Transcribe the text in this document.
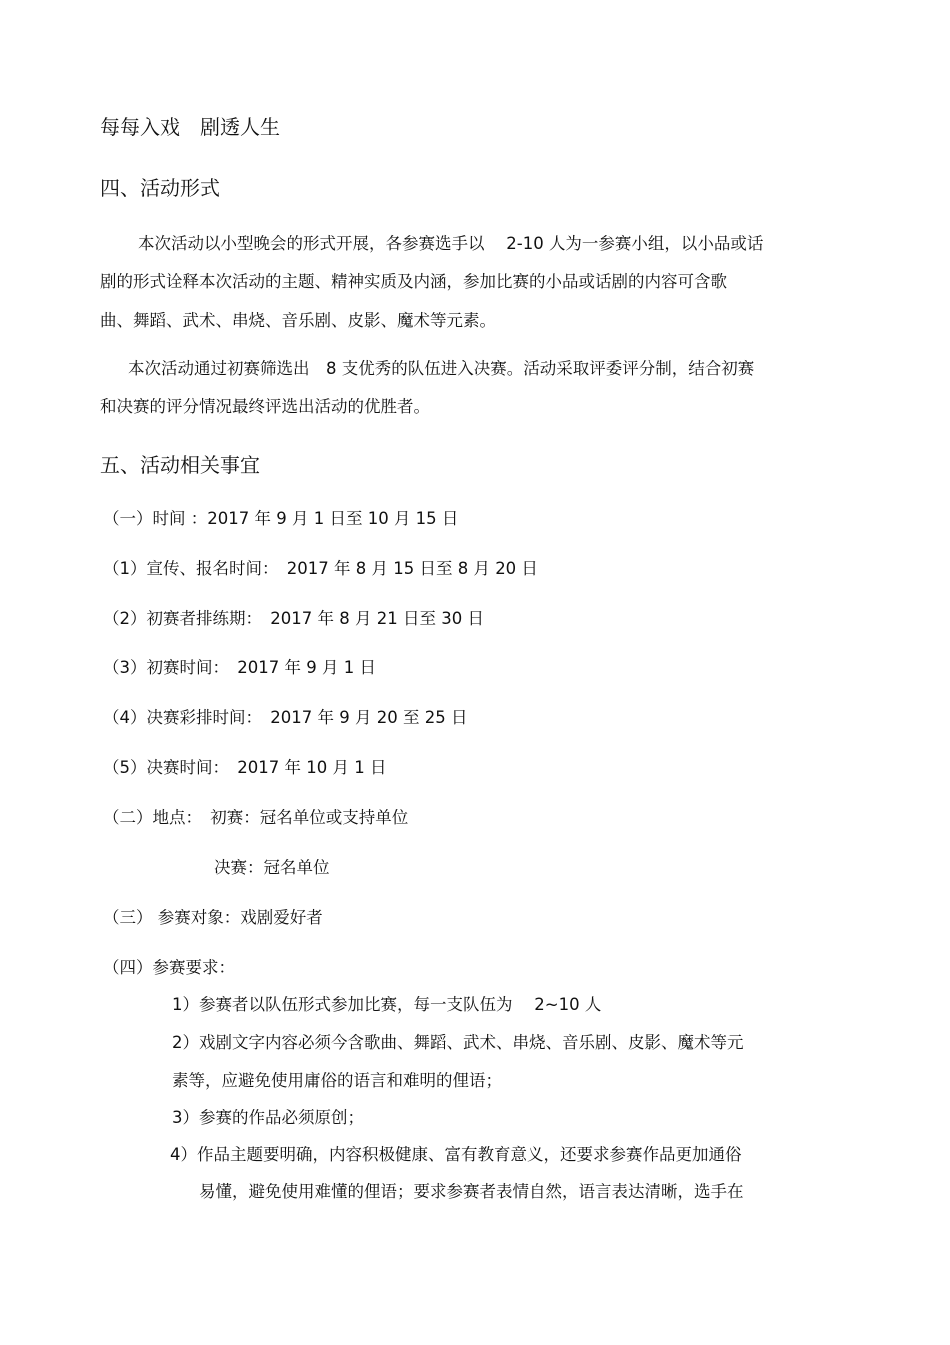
每每入戏　剧透人生
四、活动形式
本次活动以小型晚会的形式开展，各参赛选手以　 2-10 人为一参赛小组，以小品或话
剧的形式诠释本次活动的主题、精神实质及内涵，参加比赛的小品或话剧的内容可含歌
曲、舞蹈、武术、串烧、音乐剧、皮影、魔术等元素。
本次活动通过初赛筛选出　8 支优秀的队伍进入决赛。活动采取评委评分制，结合初赛
和决赛的评分情况最终评选出活动的优胜者。
五、活动相关事宜
（一）时间 ：2017 年 9 月 1 日至 10 月 15 日
（1）宣传、报名时间：　2017 年 8 月 15 日至 8 月 20 日
（2）初赛者排练期：　2017 年 8 月 21 日至 30 日
（3）初赛时间：　2017 年 9 月 1 日
（4）决赛彩排时间：　2017 年 9 月 20 至 25 日
（5）决赛时间：　2017 年 10 月 1 日
（二）地点：　初赛：冠名单位或支持单位
决赛：冠名单位
（三） 参赛对象：戏剧爱好者
（四）参赛要求：
1）参赛者以队伍形式参加比赛，每一支队伍为　 2~10 人
2）戏剧文字内容必须今含歌曲、舞蹈、武术、串烧、音乐剧、皮影、魔术等元
素等，应避免使用庸俗的语言和难明的俚语；
3）参赛的作品必须原创；
4）作品主题要明确，内容积极健康、富有教育意义，还要求参赛作品更加通俗
易懂，避免使用难懂的俚语；要求参赛者表情自然，语言表达清晰，选手在
